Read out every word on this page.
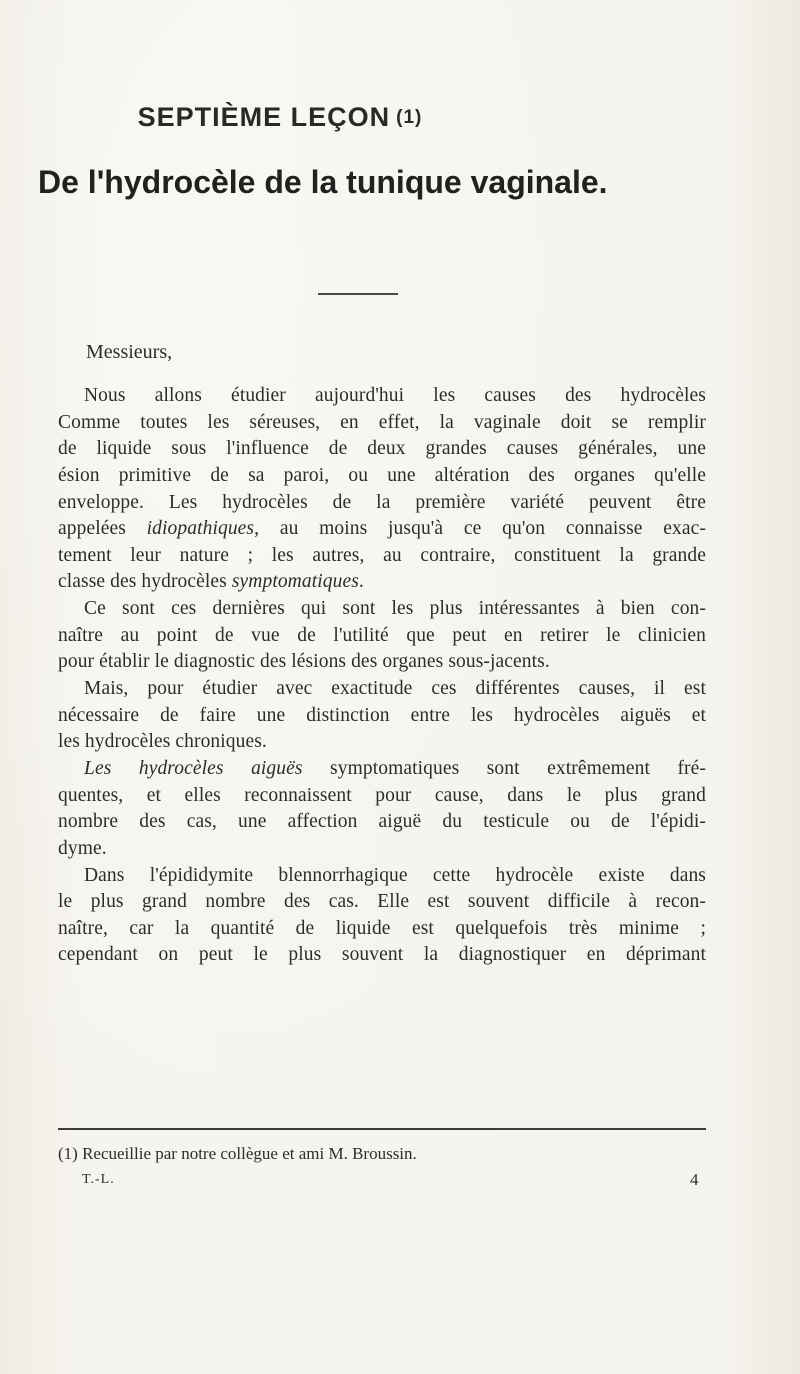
SEPTIÈME LEÇON (1)
De l'hydrocèle de la tunique vaginale.

Messieurs,

Nous allons étudier aujourd'hui les causes des hydrocèles
Comme toutes les séreuses, en effet, la vaginale doit se remplir
de liquide sous l'influence de deux grandes causes générales, une
ésion primitive de sa paroi, ou une altération des organes qu'elle
enveloppe. Les hydrocèles de la première variété peuvent être
appelées idiopathiques, au moins jusqu'à ce qu'on connaisse exac-
tement leur nature ; les autres, au contraire, constituent la grande
classe des hydrocèles symptomatiques.
Ce sont ces dernières qui sont les plus intéressantes à bien con-
naître au point de vue de l'utilité que peut en retirer le clinicien
pour établir le diagnostic des lésions des organes sous-jacents.
Mais, pour étudier avec exactitude ces différentes causes, il est
nécessaire de faire une distinction entre les hydrocèles aiguës et
les hydrocèles chroniques.
Les hydrocèles aiguës symptomatiques sont extrêmement fré-
quentes, et elles reconnaissent pour cause, dans le plus grand
nombre des cas, une affection aiguë du testicule ou de l'épidi-
dyme.
Dans l'épididymite blennorrhagique cette hydrocèle existe dans
le plus grand nombre des cas. Elle est souvent difficile à recon-
naître, car la quantité de liquide est quelquefois très minime ;
cependant on peut le plus souvent la diagnostiquer en déprimant

(1) Recueillie par notre collègue et ami M. Broussin.

T.-L.	4
